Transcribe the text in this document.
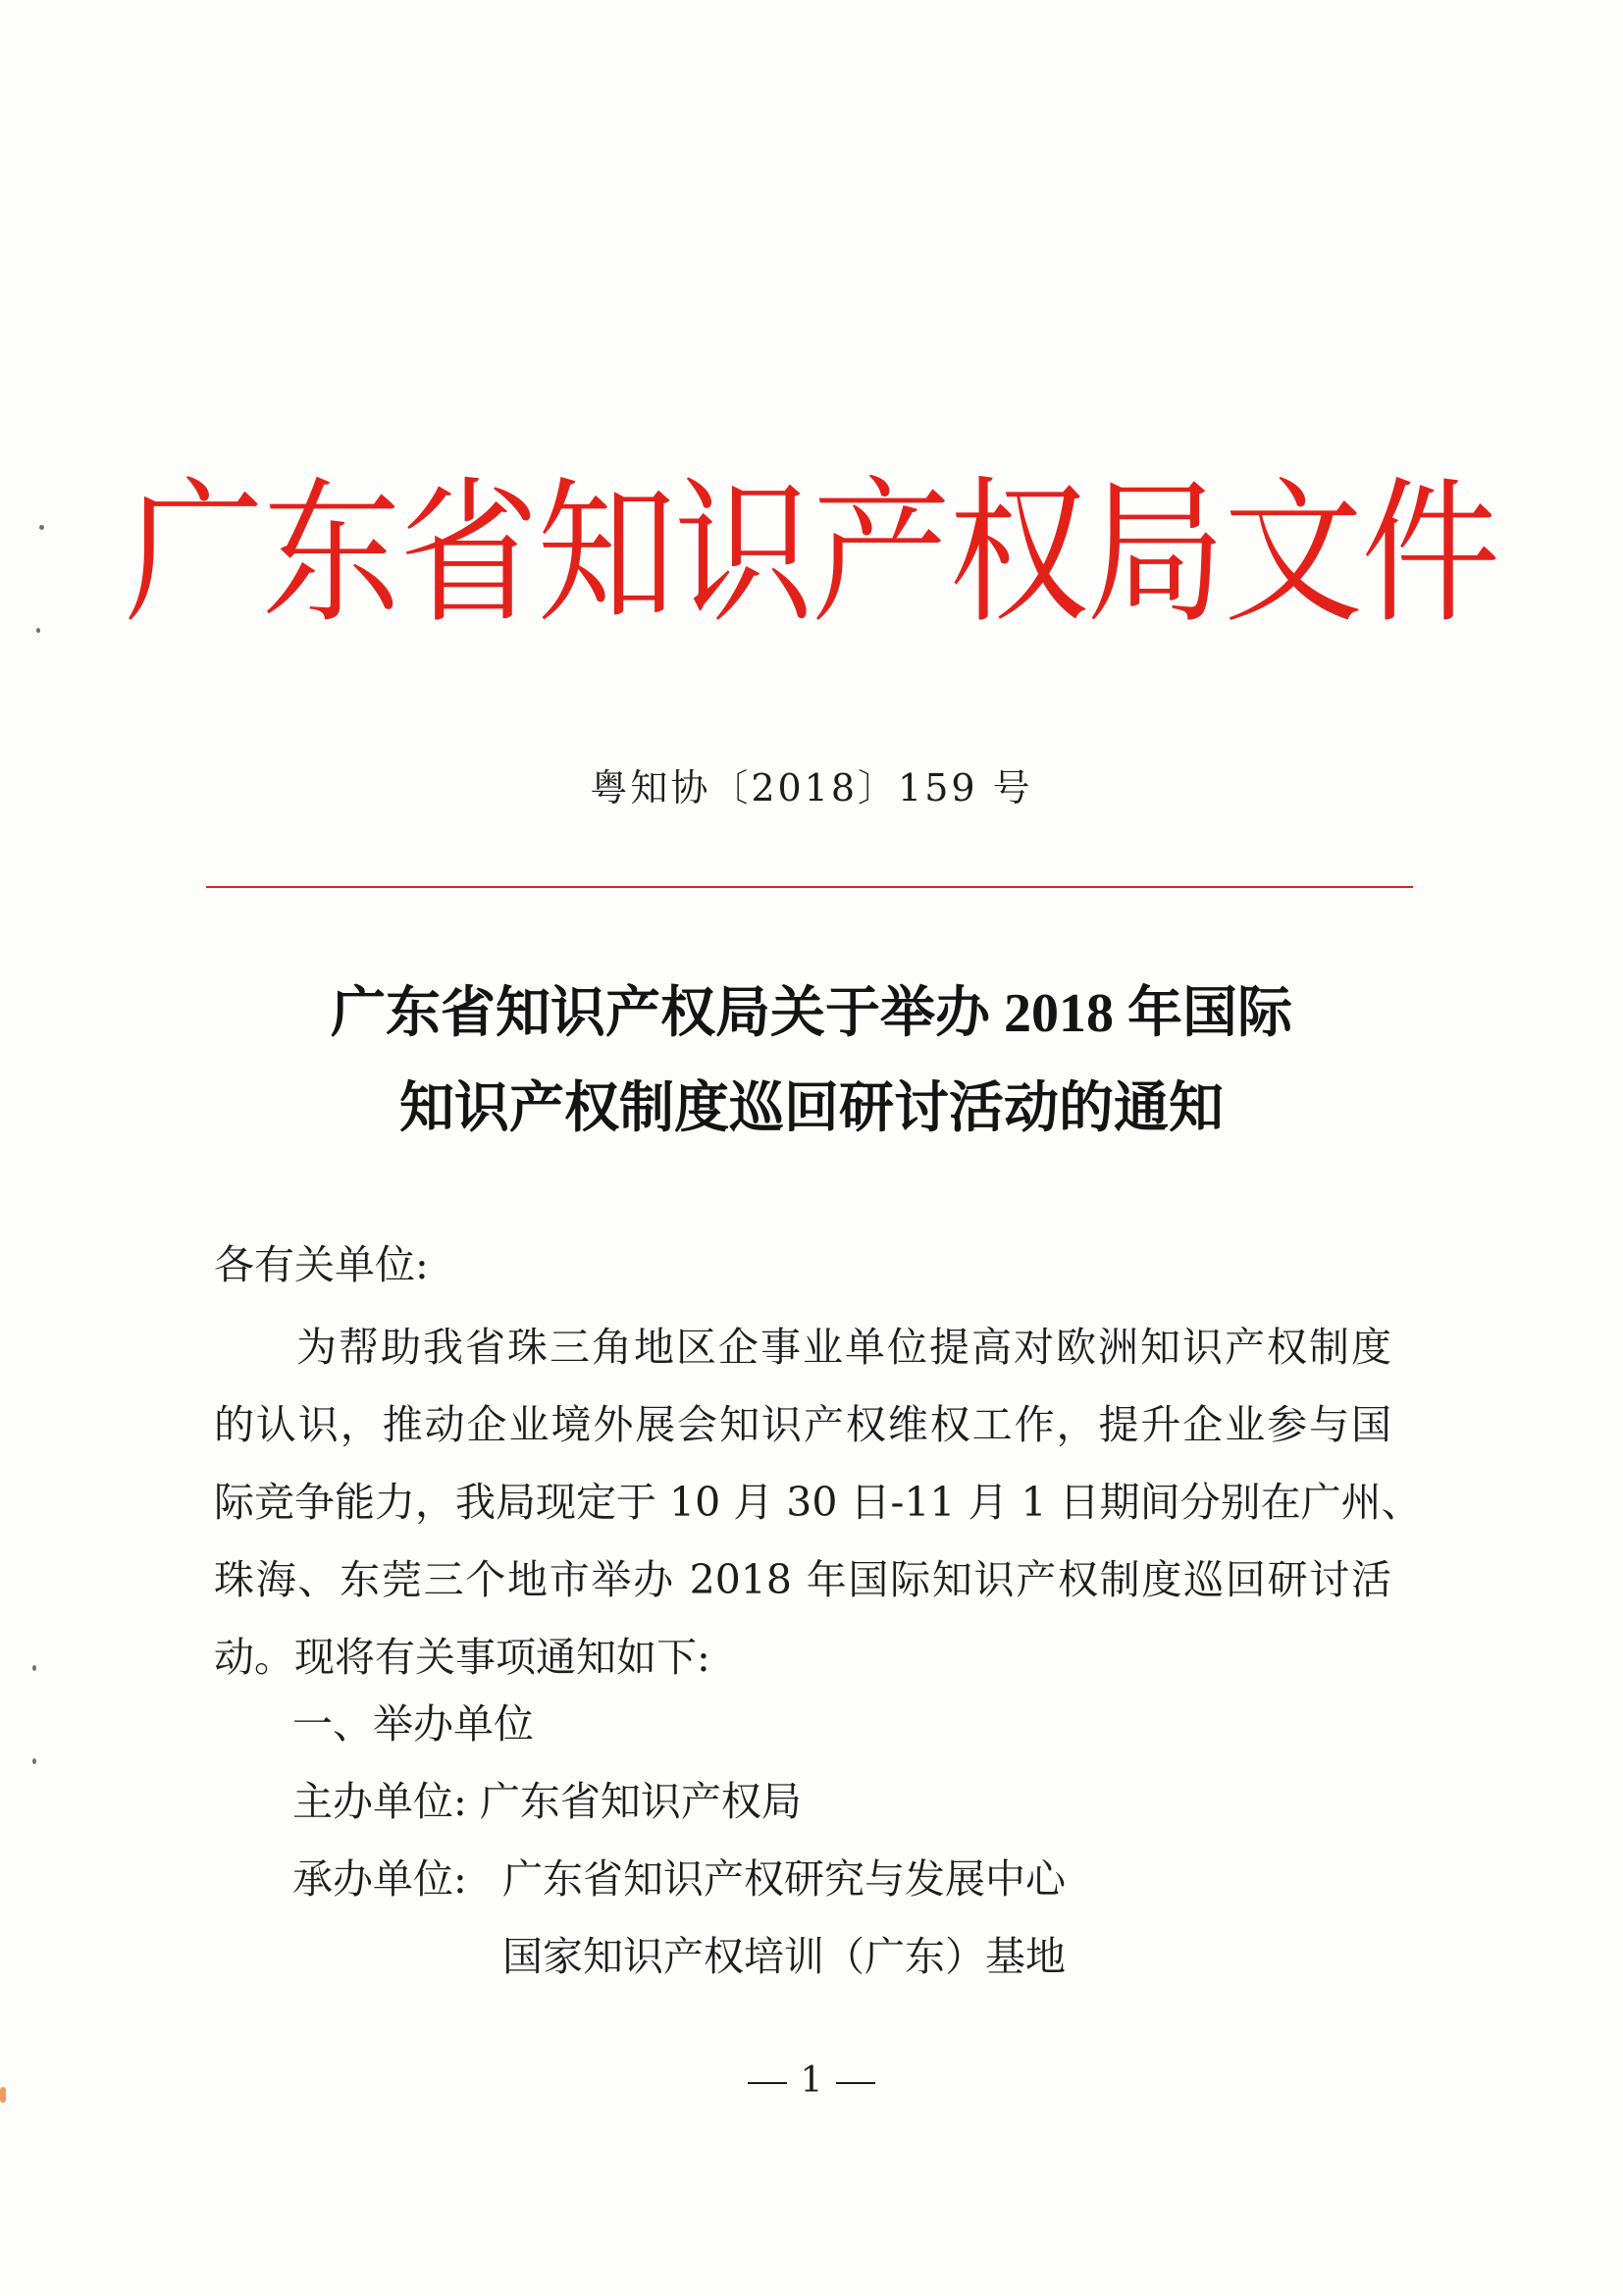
广东省知识产权局文件
粤知协〔2018〕159 号
广东省知识产权局关于举办 2018 年国际
知识产权制度巡回研讨活动的通知
各有关单位:
为帮助我省珠三角地区企事业单位提高对欧洲知识产权制度
的认识，推动企业境外展会知识产权维权工作，提升企业参与国
际竞争能力，我局现定于 10 月 30 日-11 月 1 日期间分别在广州、
珠海、东莞三个地市举办 2018 年国际知识产权制度巡回研讨活
动。现将有关事项通知如下:
一、举办单位
主办单位: 广东省知识产权局
承办单位: 广东省知识产权研究与发展中心
国家知识产权培训（广东）基地
1
